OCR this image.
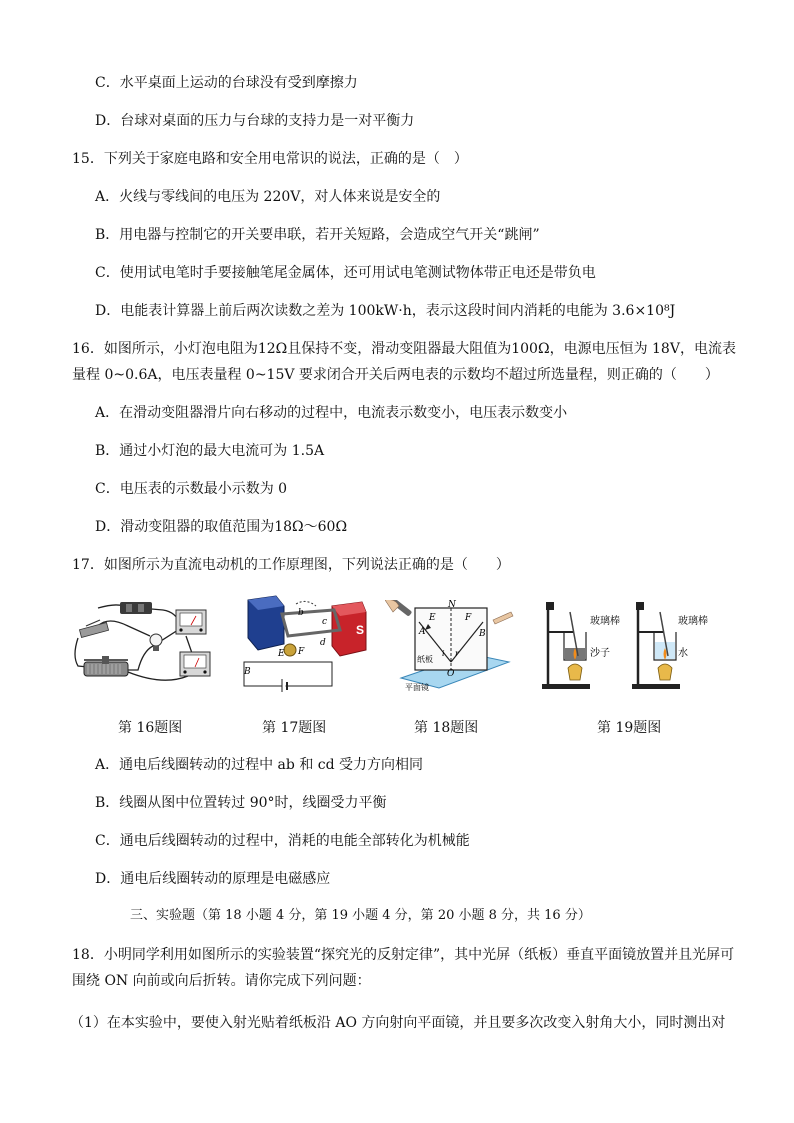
C．水平桌面上运动的台球没有受到摩擦力
D．台球对桌面的压力与台球的支持力是一对平衡力
15．下列关于家庭电路和安全用电常识的说法，正确的是（　）
A．火线与零线间的电压为 220V，对人体来说是安全的
B．用电器与控制它的开关要串联，若开关短路，会造成空气开关“跳闸”
C．使用试电笔时手要接触笔尾金属体，还可用试电笔测试物体带正电还是带负电
D．电能表计算器上前后两次读数之差为 100kW·h，表示这段时间内消耗的电能为 3.6×10⁸J
16．如图所示，小灯泡电阻为12Ω且保持不变，滑动变阻器最大阻值为100Ω，电源电压恒为 18V，电流表
量程 0~0.6A，电压表量程 0~15V 要求闭合开关后两电表的示数均不超过所选量程，则正确的（　　）
A．在滑动变阻器滑片向右移动的过程中，电流表示数变小，电压表示数变小
B．通过小灯泡的最大电流可为 1.5A
C．电压表的示数最小示数为 0
D．滑动变阻器的取值范围为18Ω～60Ω
17．如图所示为直流电动机的工作原理图，下列说法正确的是（　　）
S
b
c
d
E F
B
N
E	F
A	B
O
i r
纸板
平面镜
玻璃棒
沙子
玻璃棒
水
第 16题图	第 17题图	第 18题图	第 19题图
A．通电后线圈转动的过程中 ab 和 cd 受力方向相同
B．线圈从图中位置转过 90°时，线圈受力平衡
C．通电后线圈转动的过程中，消耗的电能全部转化为机械能
D．通电后线圈转动的原理是电磁感应
三、实验题（第 18 小题 4 分，第 19 小题 4 分，第 20 小题 8 分，共 16 分）
18．小明同学利用如图所示的实验装置“探究光的反射定律”，其中光屏（纸板）垂直平面镜放置并且光屏可
围绕 ON 向前或向后折转。请你完成下列问题：
（1）在本实验中，要使入射光贴着纸板沿 AO 方向射向平面镜，并且要多次改变入射角大小，同时测出对
